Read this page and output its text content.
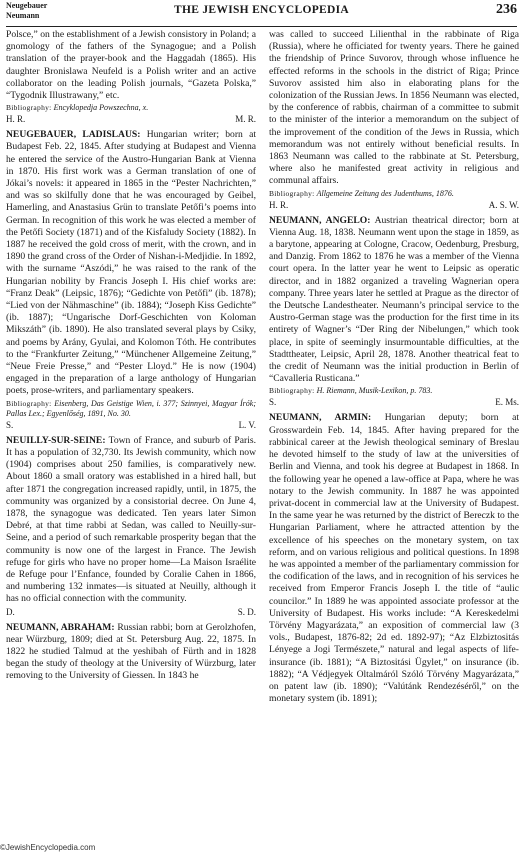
Neugebauer
Neumann	THE JEWISH ENCYCLOPEDIA	236

Polsce,” on the establishment of a Jewish consistory in Poland; a gnomology of the fathers of the Synagogue; and a Polish translation of the prayer-book and the Haggadah (1865). His daughter Bronislawa Neufeld is a Polish writer and an active collaborator on the leading Polish journals, “Gazeta Polska,” “Tygodnik Illustrawany,” etc.

Bibliography: Encyklopedja Powszechna, x.
H. R.	M. R.

NEUGEBAUER, LADISLAUS: Hungarian writer; born at Budapest Feb. 22, 1845. After studying at Budapest and Vienna he entered the service of the Austro-Hungarian Bank at Vienna in 1870. His first work was a German translation of one of Jókai’s novels: it appeared in 1865 in the “Pester Nachrichten,” and was so skilfully done that he was encouraged by Geibel, Hamerling, and Anastasius Grün to translate Petőfi’s poems into German. In recognition of this work he was elected a member of the Petőfi Society (1871) and of the Kisfaludy Society (1882). In 1887 he received the gold cross of merit, with the crown, and in 1890 the grand cross of the Order of Nishan-i-Medjidie. In 1892, with the surname “Aszódi,” he was raised to the rank of the Hungarian nobility by Francis Joseph I. His chief works are: “Franz Deak” (Leipsic, 1876); “Gedichte von Petőfi” (ib. 1878); “Lied von der Nähmaschine” (ib. 1884); “Joseph Kiss Gedichte” (ib. 1887); “Ungarische Dorf-Geschichten von Koloman Mikszáth” (ib. 1890). He also translated several plays by Csiky, and poems by Arány, Gyulai, and Kolomon Tóth. He contributes to the “Frankfurter Zeitung,” “Münchener Allgemeine Zeitung,” “Neue Freie Presse,” and “Pester Lloyd.” He is now (1904) engaged in the preparation of a large anthology of Hungarian poets, prose-writers, and parliamentary speakers.

Bibliography: Eisenberg, Das Geistige Wien, i. 377; Szinnyei, Magyar Írók; Pallas Lex.; Egyenlőség, 1891, No. 30.
S.	L. V.

NEUILLY-SUR-SEINE: Town of France, and suburb of Paris. It has a population of 32,730. Its Jewish community, which now (1904) comprises about 250 families, is comparatively new. About 1860 a small oratory was established in a hired hall, but after 1871 the congregation increased rapidly, until, in 1875, the community was organized by a consistorial decree. On June 4, 1878, the synagogue was dedicated. Ten years later Simon Debré, at that time rabbi at Sedan, was called to Neuilly-sur-Seine, and a period of such remarkable prosperity began that the community is now one of the largest in France. The Jewish refuge for girls who have no proper home—La Maison Israélite de Refuge pour l’Enfance, founded by Coralie Cahen in 1866, and numbering 132 inmates—is situated at Neuilly, although it has no official connection with the community.

D.	S. D.

NEUMANN, ABRAHAM: Russian rabbi; born at Gerolzhofen, near Würzburg, 1809; died at St. Petersburg Aug. 22, 1875. In 1822 he studied Talmud at the yeshibah of Fürth and in 1828 began the study of theology at the University of Würzburg, later removing to the University of Giessen. In 1843 he

was called to succeed Lilienthal in the rabbinate of Riga (Russia), where he officiated for twenty years. There he gained the friendship of Prince Suvorov, through whose influence he effected reforms in the schools in the district of Riga; Prince Suvorov assisted him also in elaborating plans for the colonization of the Russian Jews. In 1856 Neumann was elected, by the conference of rabbis, chairman of a committee to submit to the minister of the interior a memorandum on the subject of the improvement of the condition of the Jews in Russia, which memorandum was not entirely without beneficial results. In 1863 Neumann was called to the rabbinate at St. Petersburg, where also he manifested great activity in religious and communal affairs.

Bibliography: Allgemeine Zeitung des Judenthums, 1876.
H. R.	A. S. W.

NEUMANN, ANGELO: Austrian theatrical director; born at Vienna Aug. 18, 1838. Neumann went upon the stage in 1859, as a barytone, appearing at Cologne, Cracow, Oedenburg, Presburg, and Danzig. From 1862 to 1876 he was a member of the Vienna court opera. In the latter year he went to Leipsic as operatic director, and in 1882 organized a traveling Wagnerian opera company. Three years later he settled at Prague as the director of the Deutsche Landestheater. Neumann’s principal service to the Austro-German stage was the production for the first time in its entirety of Wagner’s “Der Ring der Nibelungen,” which took place, in spite of seemingly insurmountable difficulties, at the Stadttheater, Leipsic, April 28, 1878. Another theatrical feat to the credit of Neumann was the initial production in Berlin of “Cavalleria Rusticana.”

Bibliography: H. Riemann, Musik-Lexikon, p. 783.
S.	E. Ms.

NEUMANN, ARMIN: Hungarian deputy; born at Grosswardein Feb. 14, 1845. After having prepared for the rabbinical career at the Jewish theological seminary of Breslau he devoted himself to the study of law at the universities of Berlin and Vienna, and took his degree at Budapest in 1868. In the following year he opened a law-office at Papa, where he was notary to the Jewish community. In 1887 he was appointed privat-docent in commercial law at the University of Budapest. In the same year he was returned by the district of Bereczk to the Hungarian Parliament, where he attracted attention by the excellence of his speeches on the monetary system, on tax reform, and on various religious and political questions. In 1898 he was appointed a member of the parliamentary commission for the codification of the laws, and in recognition of his services he received from Emperor Francis Joseph I. the title of “aulic councilor.” In 1889 he was appointed associate professor at the University of Budapest. His works include: “A Kereskedelmi Törvény Magyarázata,” an exposition of commercial law (3 vols., Budapest, 1876-82; 2d ed. 1892-97); “Az Elzbiztositás Lényege a Jogi Természete,” natural and legal aspects of life-insurance (ib. 1881); “A Biztositási Ügylet,” on insurance (ib. 1882); “A Védjegyek Oltalmáról Szóló Törvény Magyarázata,” on patent law (ib. 1890); “Valútánk Rendezéséről,” on the monetary system (ib. 1891);

©JewishEncyclopedia.com
